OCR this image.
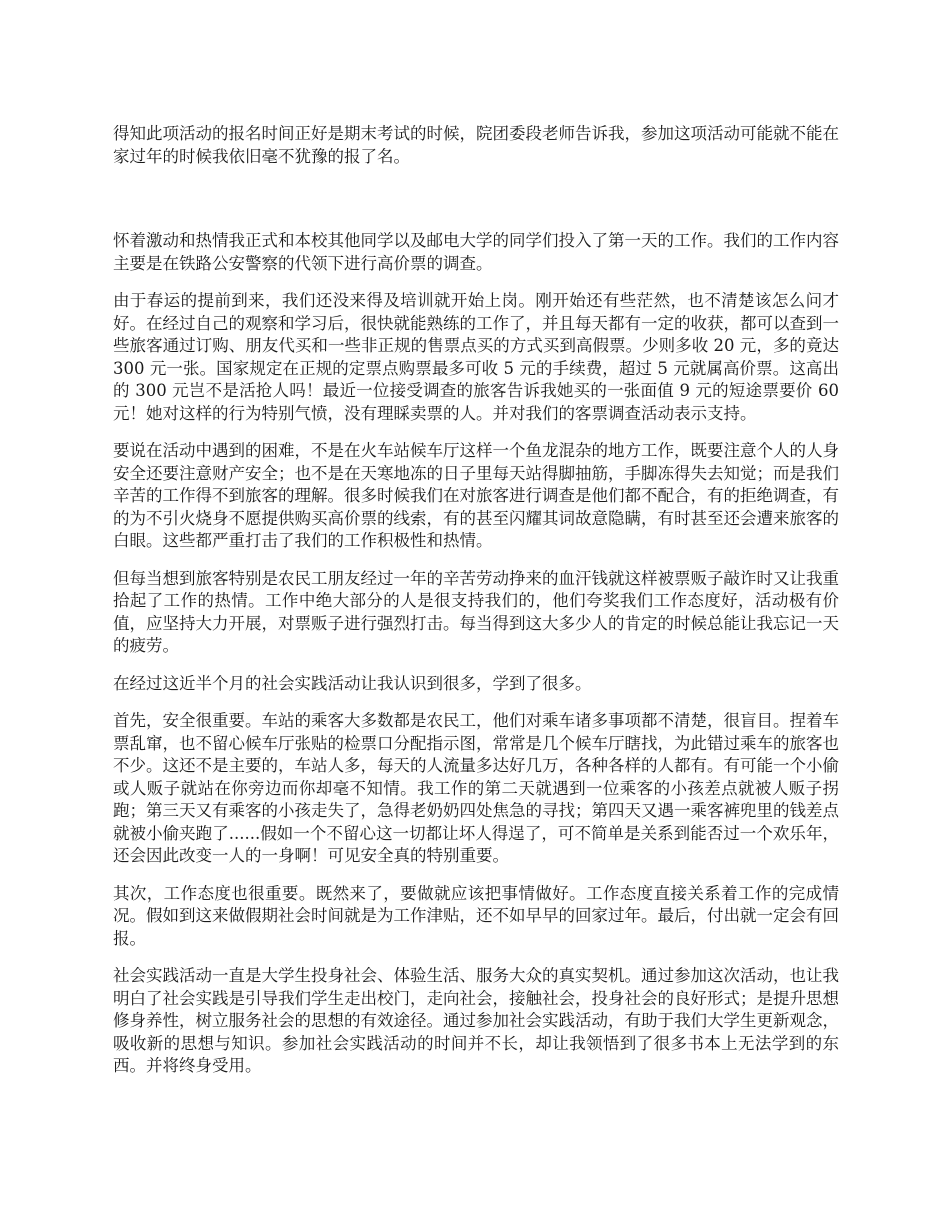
得知此项活动的报名时间正好是期末考试的时候，院团委段老师告诉我，参加这项活动可能就不能在家过年的时候我依旧毫不犹豫的报了名。

怀着激动和热情我正式和本校其他同学以及邮电大学的同学们投入了第一天的工作。我们的工作内容主要是在铁路公安警察的代领下进行高价票的调查。

由于春运的提前到来，我们还没来得及培训就开始上岗。刚开始还有些茫然，也不清楚该怎么问才好。在经过自己的观察和学习后，很快就能熟练的工作了，并且每天都有一定的收获，都可以查到一些旅客通过订购、朋友代买和一些非正规的售票点买的方式买到高假票。少则多收 20 元，多的竟达 300 元一张。国家规定在正规的定票点购票最多可收 5 元的手续费，超过 5 元就属高价票。这高出的 300 元岂不是活抢人吗！最近一位接受调查的旅客告诉我她买的一张面值 9 元的短途票要价 60 元！她对这样的行为特别气愤，没有理睬卖票的人。并对我们的客票调查活动表示支持。

要说在活动中遇到的困难，不是在火车站候车厅这样一个鱼龙混杂的地方工作，既要注意个人的人身安全还要注意财产安全；也不是在天寒地冻的日子里每天站得脚抽筋，手脚冻得失去知觉；而是我们辛苦的工作得不到旅客的理解。很多时候我们在对旅客进行调查是他们都不配合，有的拒绝调查，有的为不引火烧身不愿提供购买高价票的线索，有的甚至闪耀其词故意隐瞒，有时甚至还会遭来旅客的白眼。这些都严重打击了我们的工作积极性和热情。

但每当想到旅客特别是农民工朋友经过一年的辛苦劳动挣来的血汗钱就这样被票贩子敲诈时又让我重拾起了工作的热情。工作中绝大部分的人是很支持我们的，他们夸奖我们工作态度好，活动极有价值，应坚持大力开展，对票贩子进行强烈打击。每当得到这大多少人的肯定的时候总能让我忘记一天的疲劳。

在经过这近半个月的社会实践活动让我认识到很多，学到了很多。

首先，安全很重要。车站的乘客大多数都是农民工，他们对乘车诸多事项都不清楚，很盲目。捏着车票乱窜，也不留心候车厅张贴的检票口分配指示图，常常是几个候车厅瞎找，为此错过乘车的旅客也不少。这还不是主要的，车站人多，每天的人流量多达好几万，各种各样的人都有。有可能一个小偷或人贩子就站在你旁边而你却毫不知情。我工作的第二天就遇到一位乘客的小孩差点就被人贩子拐跑；第三天又有乘客的小孩走失了，急得老奶奶四处焦急的寻找；第四天又遇一乘客裤兜里的钱差点就被小偷夹跑了......假如一个不留心这一切都让坏人得逞了，可不简单是关系到能否过一个欢乐年，还会因此改变一人的一身啊！可见安全真的特别重要。

其次，工作态度也很重要。既然来了，要做就应该把事情做好。工作态度直接关系着工作的完成情况。假如到这来做假期社会时间就是为工作津贴，还不如早早的回家过年。最后，付出就一定会有回报。

社会实践活动一直是大学生投身社会、体验生活、服务大众的真实契机。通过参加这次活动，也让我明白了社会实践是引导我们学生走出校门，走向社会，接触社会，投身社会的良好形式；是提升思想修身养性，树立服务社会的思想的有效途径。通过参加社会实践活动，有助于我们大学生更新观念，吸收新的思想与知识。参加社会实践活动的时间并不长，却让我领悟到了很多书本上无法学到的东西。并将终身受用。
